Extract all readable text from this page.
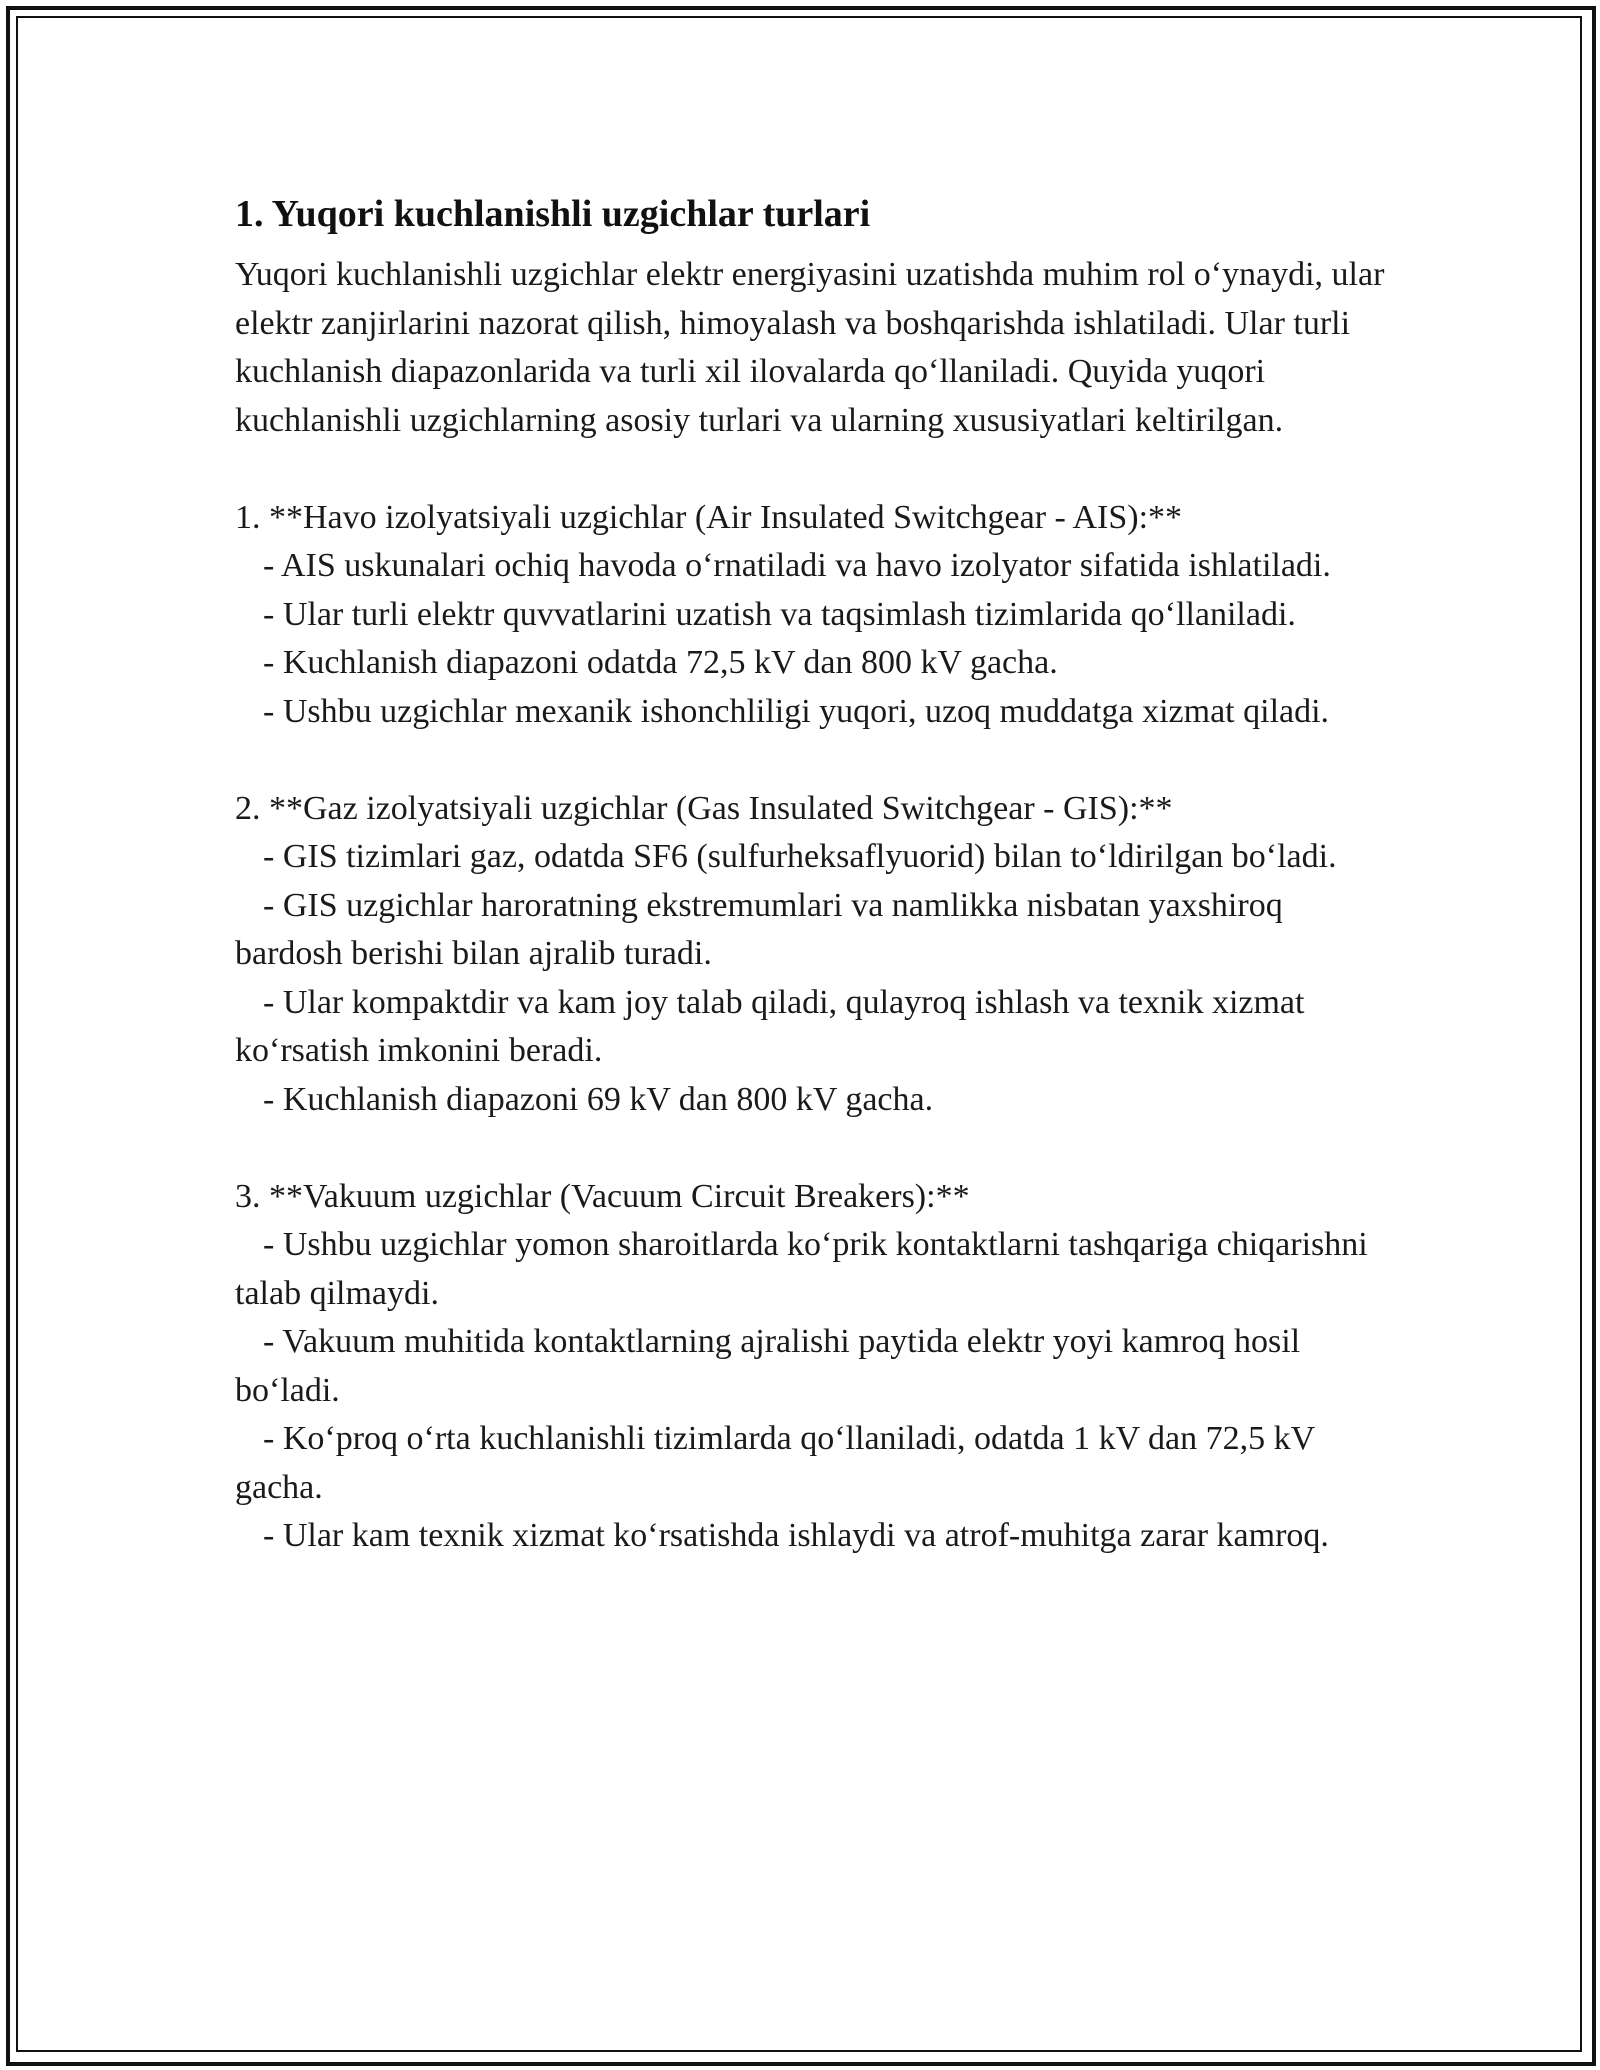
1. Yuqori kuchlanishli uzgichlar turlari

Yuqori kuchlanishli uzgichlar elektr energiyasini uzatishda muhim rol o‘ynaydi, ular elektr zanjirlarini nazorat qilish, himoyalash va boshqarishda ishlatiladi. Ular turli kuchlanish diapazonlarida va turli xil ilovalarda qo‘llaniladi. Quyida yuqori kuchlanishli uzgichlarning asosiy turlari va ularning xususiyatlari keltirilgan.

1. **Havo izolyatsiyali uzgichlar (Air Insulated Switchgear - AIS):**

- AIS uskunalari ochiq havoda o‘rnatiladi va havo izolyator sifatida ishlatiladi.

- Ular turli elektr quvvatlarini uzatish va taqsimlash tizimlarida qo‘llaniladi.

- Kuchlanish diapazoni odatda 72,5 kV dan 800 kV gacha.

- Ushbu uzgichlar mexanik ishonchliligi yuqori, uzoq muddatga xizmat qiladi.

2. **Gaz izolyatsiyali uzgichlar (Gas Insulated Switchgear - GIS):**

- GIS tizimlari gaz, odatda SF6 (sulfurheksaflyuorid) bilan to‘ldirilgan bo‘ladi.

- GIS uzgichlar haroratning ekstremumlari va namlikka nisbatan yaxshiroq bardosh berishi bilan ajralib turadi.

- Ular kompaktdir va kam joy talab qiladi, qulayroq ishlash va texnik xizmat ko‘rsatish imkonini beradi.

- Kuchlanish diapazoni 69 kV dan 800 kV gacha.

3. **Vakuum uzgichlar (Vacuum Circuit Breakers):**

- Ushbu uzgichlar yomon sharoitlarda ko‘prik kontaktlarni tashqariga chiqarishni talab qilmaydi.

- Vakuum muhitida kontaktlarning ajralishi paytida elektr yoyi kamroq hosil bo‘ladi.

- Ko‘proq o‘rta kuchlanishli tizimlarda qo‘llaniladi, odatda 1 kV dan 72,5 kV gacha.

- Ular kam texnik xizmat ko‘rsatishda ishlaydi va atrof-muhitga zarar kamroq.
